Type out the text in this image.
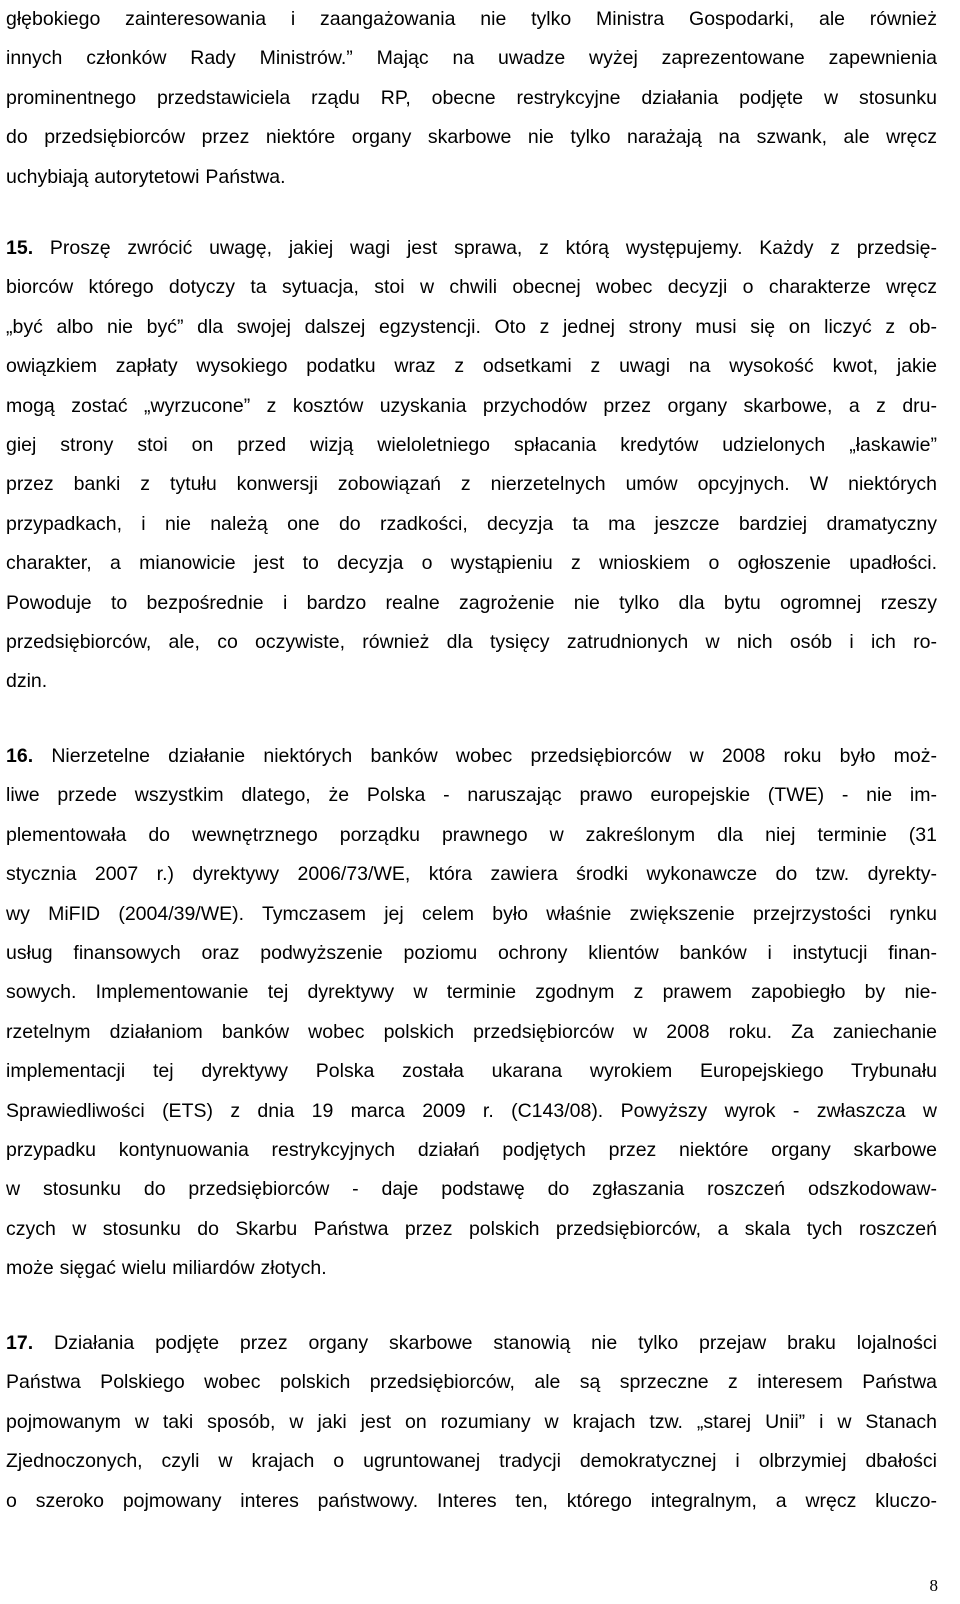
głębokiego zainteresowania i zaangażowania nie tylko Ministra Gospodarki, ale również
innych członków Rady Ministrów.” Mając na uwadze wyżej zaprezentowane zapewnienia
prominentnego przedstawiciela rządu RP, obecne restrykcyjne działania podjęte w stosunku
do przedsiębiorców przez niektóre organy skarbowe nie tylko narażają na szwank, ale wręcz
uchybiają autorytetowi Państwa.
15. Proszę zwrócić uwagę, jakiej wagi jest sprawa, z którą występujemy. Każdy z przedsię-
biorców którego dotyczy ta sytuacja, stoi w chwili obecnej wobec decyzji o charakterze wręcz
„być albo nie być” dla swojej dalszej egzystencji. Oto z jednej strony musi się on liczyć z ob-
owiązkiem zapłaty wysokiego podatku wraz z odsetkami z uwagi na wysokość kwot, jakie
mogą zostać „wyrzucone” z kosztów uzyskania przychodów przez organy skarbowe, a z dru-
giej strony stoi on przed wizją wieloletniego spłacania kredytów udzielonych „łaskawie”
przez banki z tytułu konwersji zobowiązań z nierzetelnych umów opcyjnych. W niektórych
przypadkach, i nie należą one do rzadkości, decyzja ta ma jeszcze bardziej dramatyczny
charakter, a mianowicie jest to decyzja o wystąpieniu z wnioskiem o ogłoszenie upadłości.
Powoduje to bezpośrednie i bardzo realne zagrożenie nie tylko dla bytu ogromnej rzeszy
przedsiębiorców, ale, co oczywiste, również dla tysięcy zatrudnionych w nich osób i ich ro-
dzin.
16. Nierzetelne działanie niektórych banków wobec przedsiębiorców w 2008 roku było moż-
liwe przede wszystkim dlatego, że Polska - naruszając prawo europejskie (TWE) - nie im-
plementowała do wewnętrznego porządku prawnego w zakreślonym dla niej terminie (31
stycznia 2007 r.) dyrektywy 2006/73/WE, która zawiera środki wykonawcze do tzw. dyrekty-
wy MiFID (2004/39/WE). Tymczasem jej celem było właśnie zwiększenie przejrzystości rynku
usług finansowych oraz podwyższenie poziomu ochrony klientów banków i instytucji finan-
sowych. Implementowanie tej dyrektywy w terminie zgodnym z prawem zapobiegło by nie-
rzetelnym działaniom banków wobec polskich przedsiębiorców w 2008 roku. Za zaniechanie
implementacji tej dyrektywy Polska została ukarana wyrokiem Europejskiego Trybunału
Sprawiedliwości (ETS) z dnia 19 marca 2009 r. (C143/08). Powyższy wyrok - zwłaszcza w
przypadku kontynuowania restrykcyjnych działań podjętych przez niektóre organy skarbowe
w stosunku do przedsiębiorców - daje podstawę do zgłaszania roszczeń odszkodowaw-
czych w stosunku do Skarbu Państwa przez polskich przedsiębiorców, a skala tych roszczeń
może sięgać wielu miliardów złotych.
17. Działania podjęte przez organy skarbowe stanowią nie tylko przejaw braku lojalności
Państwa Polskiego wobec polskich przedsiębiorców, ale są sprzeczne z interesem Państwa
pojmowanym w taki sposób, w jaki jest on rozumiany w krajach tzw. „starej Unii” i w Stanach
Zjednoczonych, czyli w krajach o ugruntowanej tradycji demokratycznej i olbrzymiej dbałości
o szeroko pojmowany interes państwowy. Interes ten, którego integralnym, a wręcz kluczo-
8
